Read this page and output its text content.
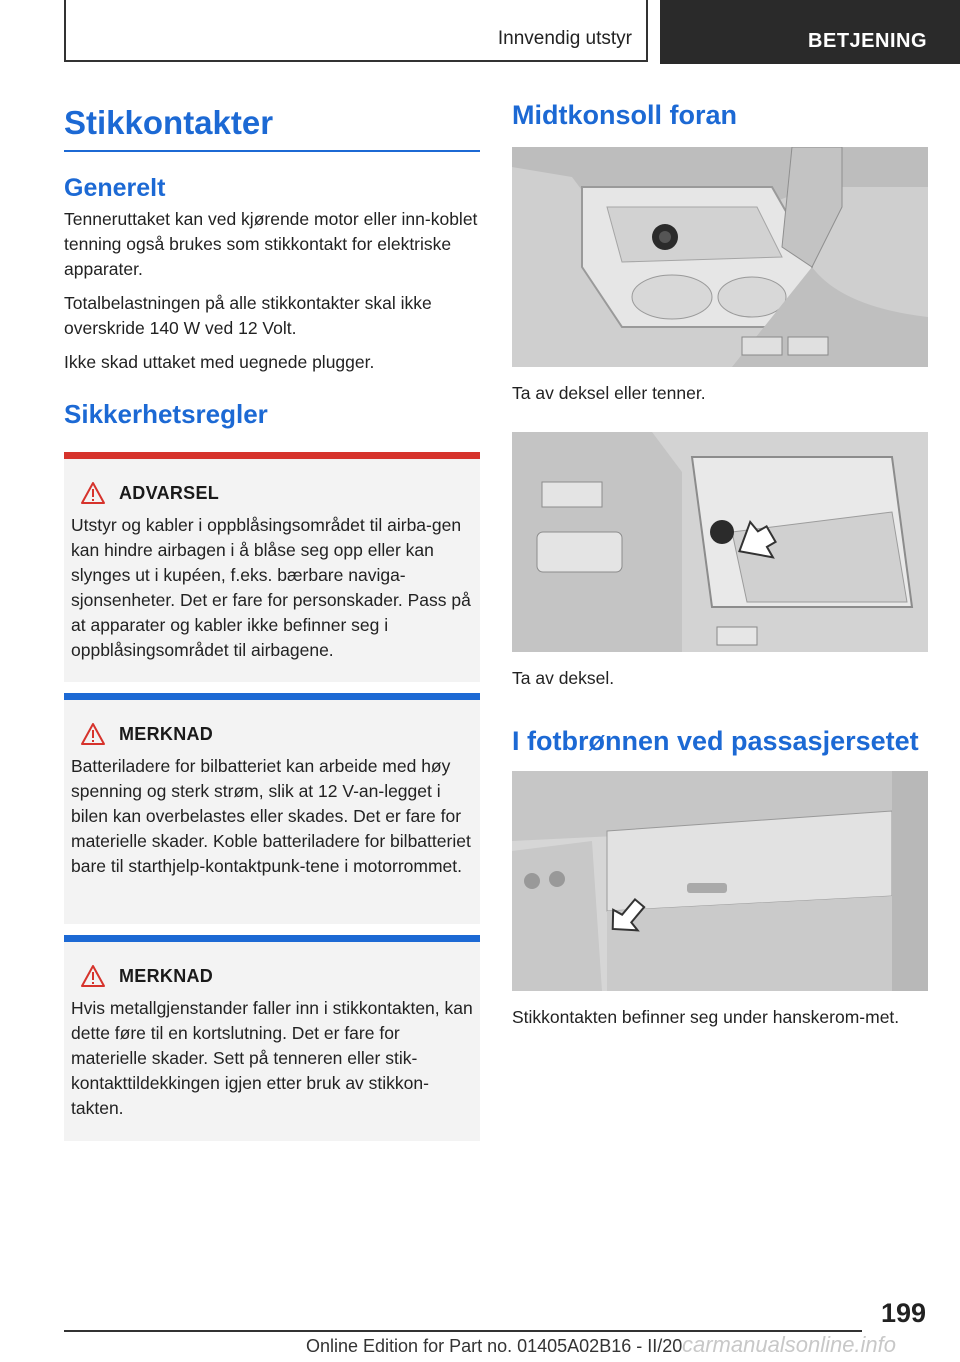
Innvendig utstyr	BETJENING
Stikkontakter
Generelt

Tenneruttaket kan ved kjørende motor eller inn-koblet tenning også brukes som stikkontakt for elektriske apparater.

Totalbelastningen på alle stikkontakter skal ikke overskride 140 W ved 12 Volt.

Ikke skad uttaket med uegnede plugger.

Sikkerhetsregler
ADVARSEL

Utstyr og kabler i oppblåsingsområdet til airba-gen kan hindre airbagen i å blåse seg opp eller kan slynges ut i kupéen, f.eks. bærbare naviga-sjonsenheter. Det er fare for personskader. Pass på at apparater og kabler ikke befinner seg i oppblåsingsområdet til airbagene.

MERKNAD

Batteriladere for bilbatteriet kan arbeide med høy spenning og sterk strøm, slik at 12 V-an-legget i bilen kan overbelastes eller skades. Det er fare for materielle skader. Koble batteriladere for bilbatteriet bare til starthjelp-kontaktpunk-tene i motorrommet.

MERKNAD

Hvis metallgjenstander faller inn i stikkontakten, kan dette føre til en kortslutning. Det er fare for materielle skader. Sett på tenneren eller stik-kontakttildekkingen igjen etter bruk av stikkon-takten.

Midtkonsoll foran

Ta av deksel eller tenner.

Ta av deksel.

I fotbrønnen ved passasjersetet

Stikkontakten befinner seg under hanskerom-met.

199
Online Edition for Part no. 01405A02B16 - II/20 carmanualsonline.info
